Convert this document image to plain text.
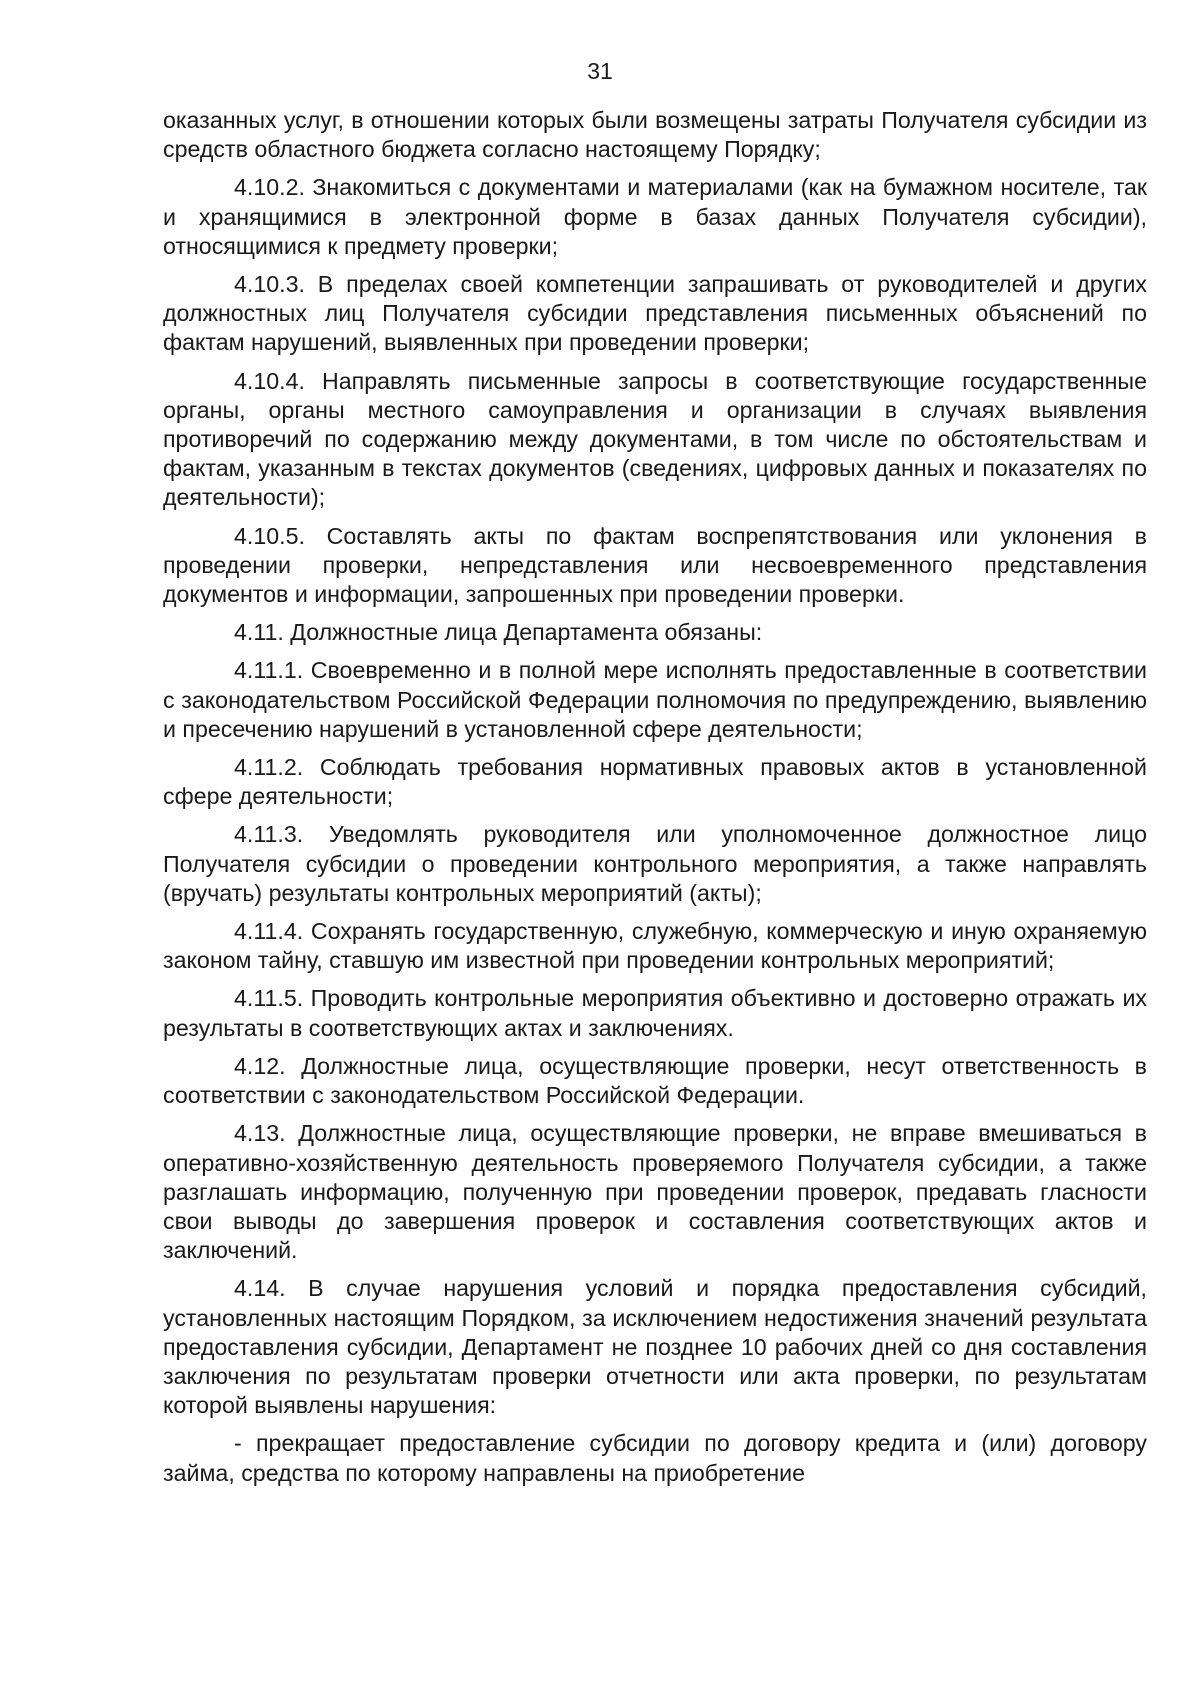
31

оказанных услуг, в отношении которых были возмещены затраты Получателя субсидии из средств областного бюджета согласно настоящему Порядку;

4.10.2. Знакомиться с документами и материалами (как на бумажном носителе, так и хранящимися в электронной форме в базах данных Получателя субсидии), относящимися к предмету проверки;

4.10.3. В пределах своей компетенции запрашивать от руководителей и других должностных лиц Получателя субсидии представления письменных объяснений по фактам нарушений, выявленных при проведении проверки;

4.10.4. Направлять письменные запросы в соответствующие государственные органы, органы местного самоуправления и организации в случаях выявления противоречий по содержанию между документами, в том числе по обстоятельствам и фактам, указанным в текстах документов (сведениях, цифровых данных и показателях по деятельности);

4.10.5. Составлять акты по фактам воспрепятствования или уклонения в проведении проверки, непредставления или несвоевременного представления документов и информации, запрошенных при проведении проверки.

4.11. Должностные лица Департамента обязаны:

4.11.1. Своевременно и в полной мере исполнять предоставленные в соответствии с законодательством Российской Федерации полномочия по предупреждению, выявлению и пресечению нарушений в установленной сфере деятельности;

4.11.2. Соблюдать требования нормативных правовых актов в установленной сфере деятельности;

4.11.3. Уведомлять руководителя или уполномоченное должностное лицо Получателя субсидии о проведении контрольного мероприятия, а также направлять (вручать) результаты контрольных мероприятий (акты);

4.11.4. Сохранять государственную, служебную, коммерческую и иную охраняемую законом тайну, ставшую им известной при проведении контрольных мероприятий;

4.11.5. Проводить контрольные мероприятия объективно и достоверно отражать их результаты в соответствующих актах и заключениях.

4.12. Должностные лица, осуществляющие проверки, несут ответственность в соответствии с законодательством Российской Федерации.

4.13. Должностные лица, осуществляющие проверки, не вправе вмешиваться в оперативно-хозяйственную деятельность проверяемого Получателя субсидии, а также разглашать информацию, полученную при проведении проверок, предавать гласности свои выводы до завершения проверок и составления соответствующих актов и заключений.

4.14. В случае нарушения условий и порядка предоставления субсидий, установленных настоящим Порядком, за исключением недостижения значений результата предоставления субсидии, Департамент не позднее 10 рабочих дней со дня составления заключения по результатам проверки отчетности или акта проверки, по результатам которой выявлены нарушения:

- прекращает предоставление субсидии по договору кредита и (или) договору займа, средства по которому направлены на приобретение
